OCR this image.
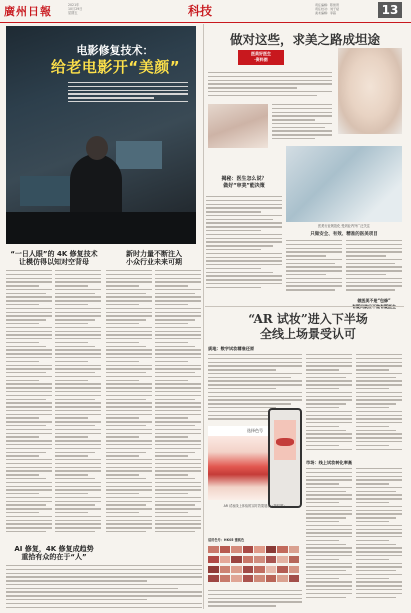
廣州日報	2021年
10月29日
星期五	科技	责任编辑：陈智贤
责任校对：刘子斌
美术编辑：李超	13
电影修复技术：
给老电影开“美颜”
“一日人眼”的 4K 修复技术
让模仿得以知对空背母
新时力量不断注入
小众行业未来可期
AI 修复，4K 修复成趋势
重拾有众的在于“人”
做对这些，求美之路成坦途
医美好医生
·资料图
医美行业规范化 受到业内外广泛关注
揭秘：医生怎么说？
做好“审美”能决策
只做安全、有效、精准的医美项目
做医美不是“包修”

“AR 试妆”进入下半场
全线上场景受认可
质地：数字试妆精准还原
选择色号
AR 试妆线上体验的实时效果展示（资料图）
适用色号：HK05 蜜桃色
市场：线上试妆转化率高
